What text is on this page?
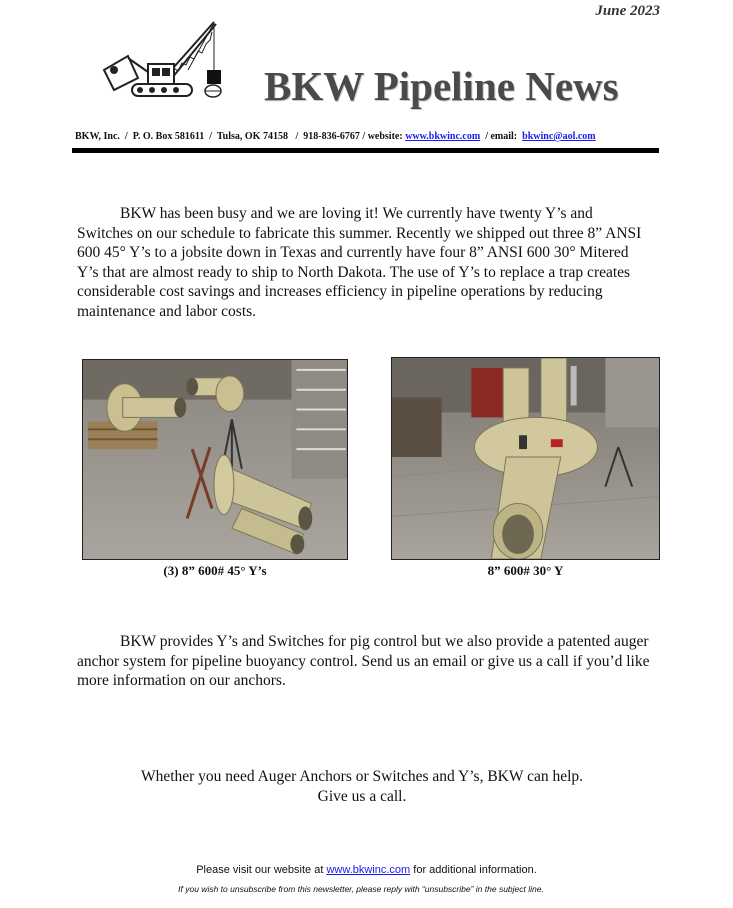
June 2023
BKW Pipeline News
BKW, Inc. / P. O. Box 581611 / Tulsa, OK 74158 / 918-836-6767 / website: www.bkwinc.com / email: bkwinc@aol.com
BKW has been busy and we are loving it! We currently have twenty Y’s and Switches on our schedule to fabricate this summer. Recently we shipped out three 8” ANSI 600 45° Y’s to a jobsite down in Texas and currently have four 8” ANSI 600 30° Mitered Y’s that are almost ready to ship to North Dakota. The use of Y’s to replace a trap creates considerable cost savings and increases efficiency in pipeline operations by reducing maintenance and labor costs.
(3) 8” 600# 45° Y’s	8” 600# 30° Y
BKW provides Y’s and Switches for pig control but we also provide a patented auger anchor system for pipeline buoyancy control. Send us an email or give us a call if you’d like more information on our anchors.
Whether you need Auger Anchors or Switches and Y’s, BKW can help.
Give us a call.
Please visit our website at www.bkwinc.com for additional information.
If you wish to unsubscribe from this newsletter, please reply with “unsubscribe” in the subject line.
